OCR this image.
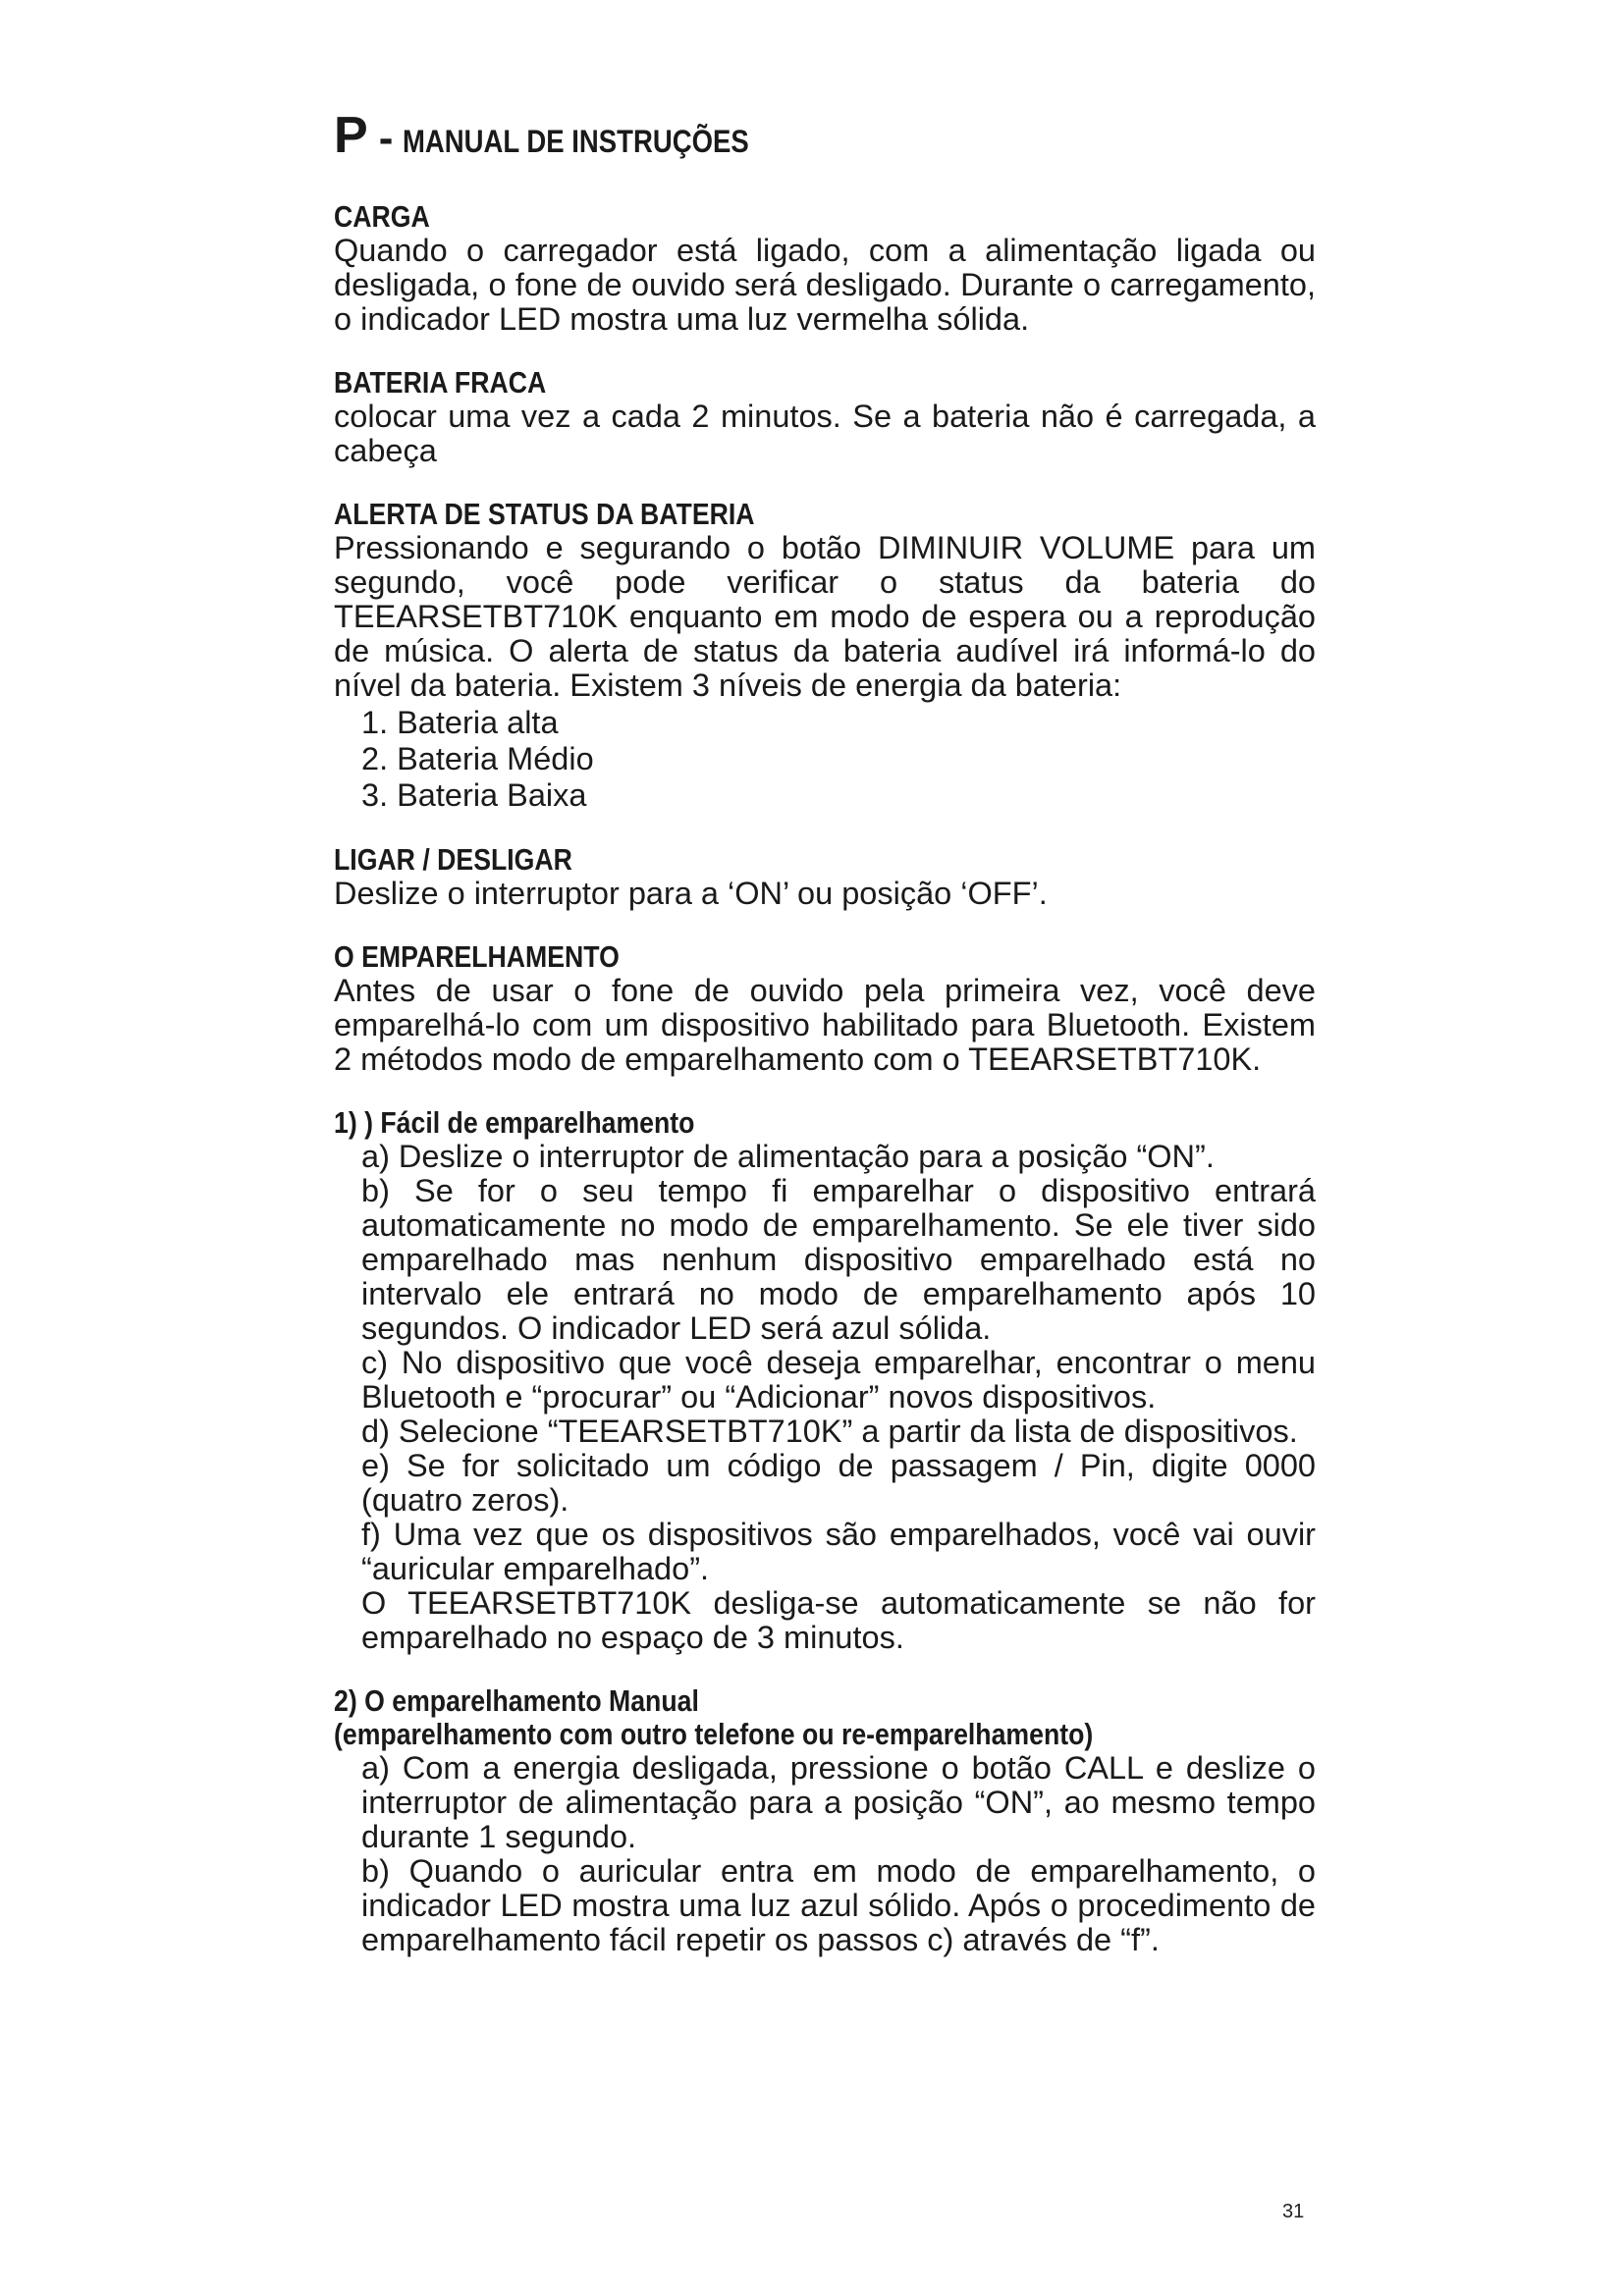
P - MANUAL DE INSTRUÇÕES
CARGA

Quando o carregador está ligado, com a alimentação ligada ou desligada, o fone de ouvido será desligado. Durante o carregamento, o indicador LED mostra uma luz vermelha sólida.

BATERIA FRACA

colocar uma vez a cada 2 minutos. Se a bateria não é carregada, a cabeça

ALERTA DE STATUS DA BATERIA

Pressionando e segurando o botão DIMINUIR VOLUME para um segundo, você pode verificar o status da bateria do TEEARSETBT710K enquanto em modo de espera ou a reprodução de música. O alerta de status da bateria audível irá informá-lo do nível da bateria. Existem 3 níveis de energia da bateria:

1. Bateria alta
2. Bateria Médio
3. Bateria Baixa
LIGAR / DESLIGAR

Deslize o interruptor para a ‘ON’ ou posição ‘OFF’.

O EMPARELHAMENTO

Antes de usar o fone de ouvido pela primeira vez, você deve emparelhá-lo com um dispositivo habilitado para Bluetooth. Existem 2 métodos modo de emparelhamento com o TEEARSETBT710K.

1) ) Fácil de emparelhamento

a) Deslize o interruptor de alimentação para a posição “ON”.

b) Se for o seu tempo fi emparelhar o dispositivo entrará automaticamente no modo de emparelhamento. Se ele tiver sido emparelhado mas nenhum dispositivo emparelhado está no intervalo ele entrará no modo de emparelhamento após 10 segundos. O indicador LED será azul sólida.

c) No dispositivo que você deseja emparelhar, encontrar o menu Bluetooth e “procurar” ou “Adicionar” novos dispositivos.

d) Selecione “TEEARSETBT710K” a partir da lista de dispositivos.

e) Se for solicitado um código de passagem / Pin, digite 0000 (quatro zeros).

f) Uma vez que os dispositivos são emparelhados, você vai ouvir “auricular emparelhado”.

O TEEARSETBT710K desliga-se automaticamente se não for emparelhado no espaço de 3 minutos.

2) O emparelhamento Manual
(emparelhamento com outro telefone ou re-emparelhamento)

a) Com a energia desligada, pressione o botão CALL e deslize o interruptor de alimentação para a posição “ON”, ao mesmo tempo durante 1 segundo.

b) Quando o auricular entra em modo de emparelhamento, o indicador LED mostra uma luz azul sólido. Após o procedimento de emparelhamento fácil repetir os passos c) através de “f”.

31
